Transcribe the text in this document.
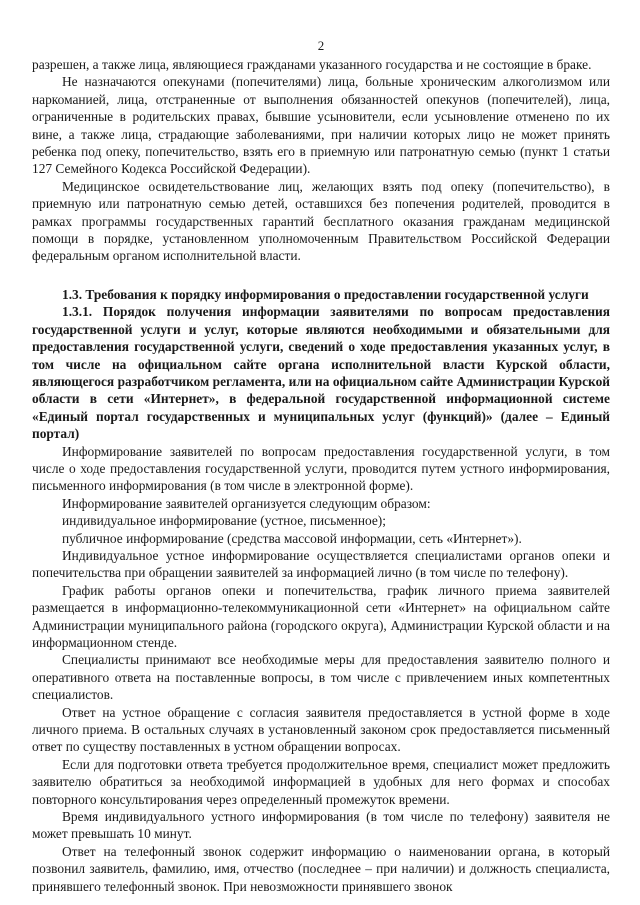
2

разрешен, а также лица, являющиеся гражданами указанного государства и не состоящие в браке.

Не назначаются опекунами (попечителями) лица, больные хроническим алкоголизмом или наркоманией, лица, отстраненные от выполнения обязанностей опекунов (попечителей), лица, ограниченные в родительских правах, бывшие усыновители, если усыновление отменено по их вине, а также лица, страдающие заболеваниями, при наличии которых лицо не может принять ребенка под опеку, попечительство, взять его в приемную или патронатную семью (пункт 1 статьи 127 Семейного Кодекса Российской Федерации).

Медицинское освидетельствование лиц, желающих взять под опеку (попечительство), в приемную или патронатную семью детей, оставшихся без попечения родителей, проводится в рамках программы государственных гарантий бесплатного оказания гражданам медицинской помощи в порядке, установленном уполномоченным Правительством Российской Федерации федеральным органом исполнительной власти.

1.3. Требования к порядку информирования о предоставлении государственной услуги

1.3.1. Порядок получения информации заявителями по вопросам предоставления государственной услуги и услуг, которые являются необходимыми и обязательными для предоставления государственной услуги, сведений о ходе предоставления указанных услуг, в том числе на официальном сайте органа исполнительной власти Курской области, являющегося разработчиком регламента, или на официальном сайте Администрации Курской области в сети «Интернет», в федеральной государственной информационной системе «Единый портал государственных и муниципальных услуг (функций)» (далее – Единый портал)

Информирование заявителей по вопросам предоставления государственной услуги, в том числе о ходе предоставления государственной услуги, проводится путем устного информирования, письменного информирования (в том числе в электронной форме).

Информирование заявителей организуется следующим образом:

индивидуальное информирование (устное, письменное);

публичное информирование (средства массовой информации, сеть «Интернет»).

Индивидуальное устное информирование осуществляется специалистами органов опеки и попечительства при обращении заявителей за информацией лично (в том числе по телефону).

График работы органов опеки и попечительства, график личного приема заявителей размещается в информационно-телекоммуникационной сети «Интернет» на официальном сайте Администрации муниципального района (городского округа), Администрации Курской области и на информационном стенде.

Специалисты принимают все необходимые меры для предоставления заявителю полного и оперативного ответа на поставленные вопросы, в том числе с привлечением иных компетентных специалистов.

Ответ на устное обращение с согласия заявителя предоставляется в устной форме в ходе личного приема. В остальных случаях в установленный законом срок предоставляется письменный ответ по существу поставленных в устном обращении вопросах.

Если для подготовки ответа требуется продолжительное время, специалист может предложить заявителю обратиться за необходимой информацией в удобных для него формах и способах повторного консультирования через определенный промежуток времени.

Время индивидуального устного информирования (в том числе по телефону) заявителя не может превышать 10 минут.

Ответ на телефонный звонок содержит информацию о наименовании органа, в который позвонил заявитель, фамилию, имя, отчество (последнее – при наличии) и должность специалиста, принявшего телефонный звонок. При невозможности принявшего звонок
